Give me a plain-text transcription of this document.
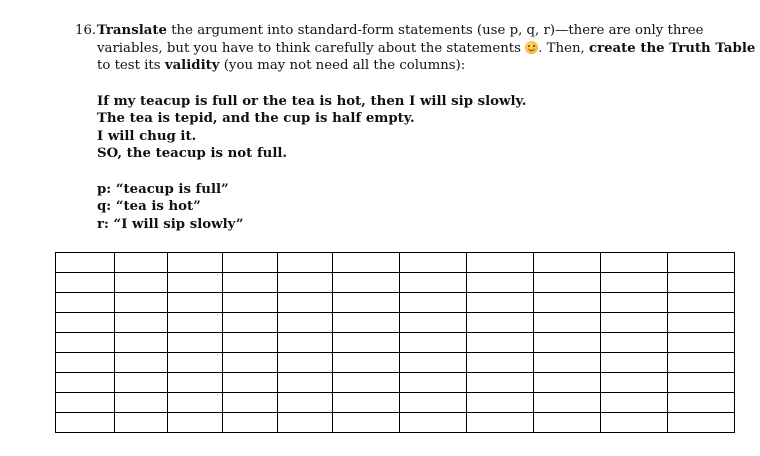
16. Translate the argument into standard-form statements (use p, q, r)—there are only three
variables, but you have to think carefully about the statements . Then, create the Truth Table
to test its validity (you may not need all the columns):
If my teacup is full or the tea is hot, then I will sip slowly.
The tea is tepid, and the cup is half empty.
I will chug it.
SO, the teacup is not full.
p: “teacup is full”
q: “tea is hot”
r: “I will sip slowly”
